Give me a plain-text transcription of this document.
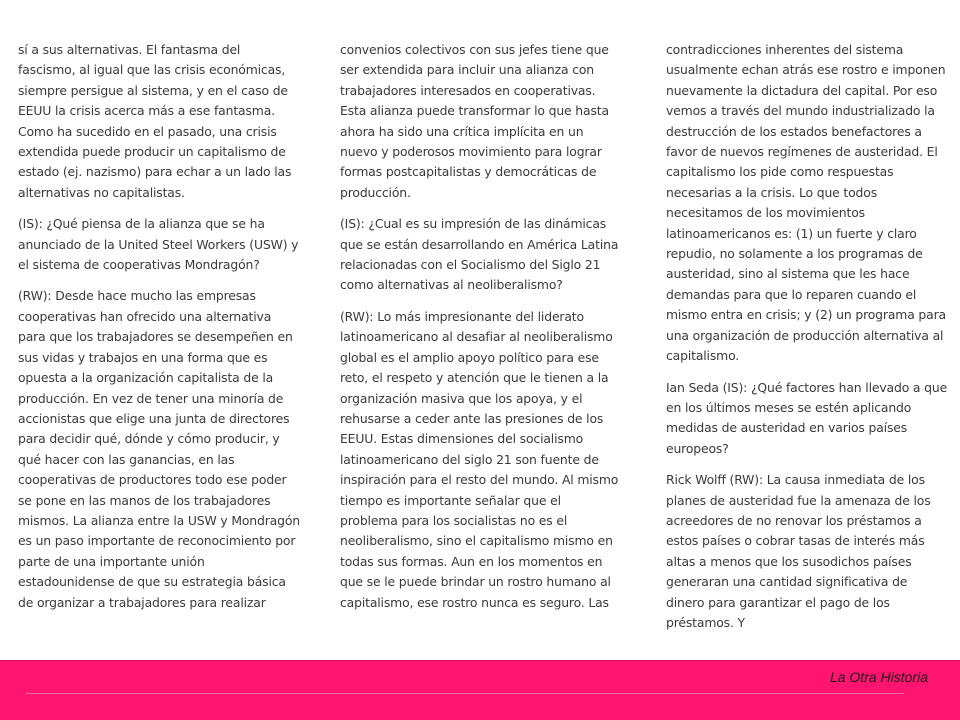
sí a sus alternativas. El fantasma del fascismo, al igual que las crisis económicas, siempre persigue al sistema, y en el caso de EEUU la crisis acerca más a ese fantasma. Como ha sucedido en el pasado, una crisis extendida puede producir un capitalismo de estado (ej. nazismo) para echar a un lado las alternativas no capitalistas.

(IS): ¿Qué piensa de la alianza que se ha anunciado de la United Steel Workers (USW) y el sistema de cooperativas Mondragón?

(RW): Desde hace mucho las empresas cooperativas han ofrecido una alternativa para que los trabajadores se desempeñen en sus vidas y trabajos en una forma que es opuesta a la organización capitalista de la producción. En vez de tener una minoría de accionistas que elige una junta de directores para decidir qué, dónde y cómo producir, y qué hacer con las ganancias, en las cooperativas de productores todo ese poder se pone en las manos de los trabajadores mismos. La alianza entre la USW y Mondragón es un paso importante de reconocimiento por parte de una importante unión estadounidense de que su estrategia básica de organizar a trabajadores para realizar

convenios colectivos con sus jefes tiene que ser extendida para incluir una alianza con trabajadores interesados en cooperativas. Esta alianza puede transformar lo que hasta ahora ha sido una crítica implícita en un nuevo y poderosos movimiento para lograr formas postcapitalistas y democráticas de producción.

(IS): ¿Cual es su impresión de las dinámicas que se están desarrollando en América Latina relacionadas con el Socialismo del Siglo 21 como alternativas al neoliberalismo?

(RW): Lo más impresionante del liderato latinoamericano al desafiar al neoliberalismo global es el amplio apoyo político para ese reto, el respeto y atención que le tienen a la organización masiva que los apoya, y el rehusarse a ceder ante las presiones de los EEUU. Estas dimensiones del socialismo latinoamericano del siglo 21 son fuente de inspiración para el resto del mundo. Al mismo tiempo es importante señalar que el problema para los socialistas no es el neoliberalismo, sino el capitalismo mismo en todas sus formas. Aun en los momentos en que se le puede brindar un rostro humano al capitalismo, ese rostro nunca es seguro. Las

contradicciones inherentes del sistema usualmente echan atrás ese rostro e imponen nuevamente la dictadura del capital. Por eso vemos a través del mundo industrializado la destrucción de los estados benefactores a favor de nuevos regímenes de austeridad. El capitalismo los pide como respuestas necesarias a la crisis. Lo que todos necesitamos de los movimientos latinoamericanos es: (1) un fuerte y claro repudio, no solamente a los programas de austeridad, sino al sistema que les hace demandas para que lo reparen cuando el mismo entra en crisis; y (2) un programa para una organización de producción alternativa al capitalismo.

Ian Seda (IS): ¿Qué factores han llevado a que en los últimos meses se estén aplicando medidas de austeridad en varios países europeos?

Rick Wolff (RW): La causa inmediata de los planes de austeridad fue la amenaza de los acreedores de no renovar los préstamos a estos países o cobrar tasas de interés más altas a menos que los susodichos países generaran una cantidad significativa de dinero para garantizar el pago de los préstamos. Y

La Otra Historia
